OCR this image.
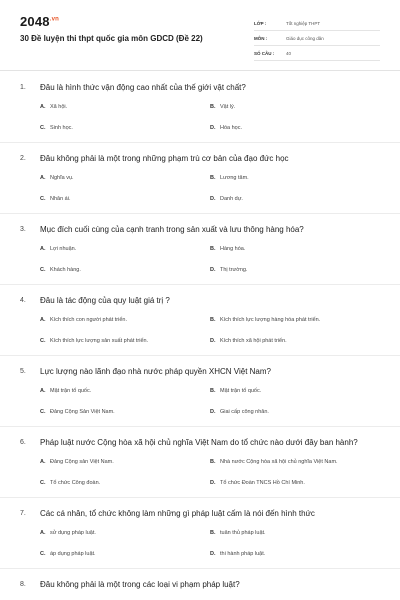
$2048^{.vn}$
30 Đề luyện thi thpt quốc gia môn GDCD (Đề 22)
LỚP :	Tốt nghiệp THPT
MÔN :	Giáo dục công dân
SỐ CÂU :	40
1.	Đâu là hình thức vận động cao nhất của thế giới vật chất?
A. Xã hội.	B. Vật lý.
C. Sinh học.	D. Hóa học.
2.	Đâu không phải là một trong những phạm trù cơ bản của đạo đức học
A. Nghĩa vụ.	B. Lương tâm.
C. Nhân ái.	D. Danh dự.
3.	Mục đích cuối cùng của cạnh tranh trong sản xuất và lưu thông hàng hóa?
A. Lợi nhuận.	B. Hàng hóa.
C. Khách hàng.	D. Thị trường.
4.	Đâu là tác động của quy luật giá trị ?
A. Kích thích con người phát triển.	B. Kích thích lực lượng hàng hóa phát triển.
C. Kích thích lực lượng sản xuất phát triển.	D. Kích thích xã hội phát triển.
5.	Lực lượng nào lãnh đạo nhà nước pháp quyền XHCN Việt Nam?
A. Mặt trận tổ quốc.	B. Mặt trận tổ quốc.
C. Đảng Cộng Sản Việt Nam.	D. Giai cấp công nhân.
6.	Pháp luật nước Cộng hòa xã hội chủ nghĩa Việt Nam do tổ chức nào dưới đây ban hành?
A. Đảng Cộng sản Việt Nam.	B. Nhà nước Cộng hòa xã hội chủ nghĩa Việt Nam.
C. Tổ chức Công đoàn.	D. Tổ chức Đoàn TNCS Hồ Chí Minh.
7.	Các cá nhân, tổ chức không làm những gì pháp luật cấm là nói đến hình thức
A. sử dụng pháp luật.	B. tuân thủ pháp luật.
C. áp dụng pháp luật.	D. thi hành pháp luật.
8.	Đâu không phải là một trong các loại vi phạm pháp luật?
